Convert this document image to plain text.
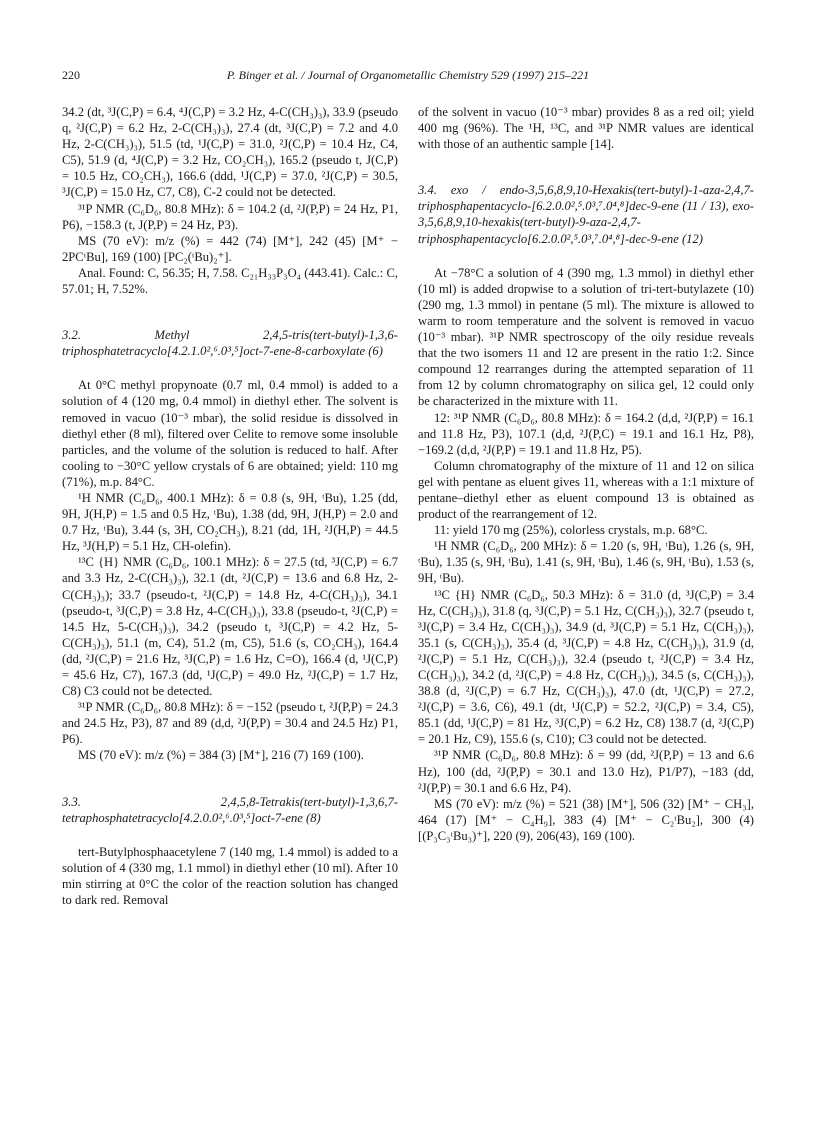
220	P. Binger et al. / Journal of Organometallic Chemistry 529 (1997) 215–221

34.2 (dt, ³J(C,P) = 6.4, ⁴J(C,P) = 3.2 Hz, 4-C(CH₃)₃), 33.9 (pseudo q, ²J(C,P) = 6.2 Hz, 2-C(CH₃)₃), 27.4 (dt, ³J(C,P) = 7.2 and 4.0 Hz, 2-C(CH₃)₃), 51.5 (td, ¹J(C,P) = 31.0, ²J(C,P) = 10.4 Hz, C4, C5), 51.9 (d, ⁴J(C,P) = 3.2 Hz, CO₂CH₃), 165.2 (pseudo t, J(C,P) = 10.5 Hz, CO₂CH₃), 166.6 (ddd, ¹J(C,P) = 37.0, ²J(C,P) = 30.5, ³J(C,P) = 15.0 Hz, C7, C8), C-2 could not be detected.

³¹P NMR (C₆D₆, 80.8 MHz): δ = 104.2 (d, ²J(P,P) = 24 Hz, P1, P6), −158.3 (t, J(P,P) = 24 Hz, P3).

MS (70 eV): m/z (%) = 442 (74) [M⁺], 242 (45) [M⁺ − 2PCᵗBu], 169 (100) [PC₂(ᵗBu)₂⁺].

Anal. Found: C, 56.35; H, 7.58. C₂₁H₃₃P₃O₄ (443.41). Calc.: C, 57.01; H, 7.52%.

3.2. Methyl 2,4,5-tris(tert-butyl)-1,3,6-triphosphatetracyclo[4.2.1.0²,⁶.0³,⁵]oct-7-ene-8-carboxylate (6)

At 0°C methyl propynoate (0.7 ml, 0.4 mmol) is added to a solution of 4 (120 mg, 0.4 mmol) in diethyl ether. The solvent is removed in vacuo (10⁻³ mbar), the solid residue is dissolved in diethyl ether (8 ml), filtered over Celite to remove some insoluble particles, and the volume of the solution is reduced to half. After cooling to −30°C yellow crystals of 6 are obtained; yield: 110 mg (71%), m.p. 84°C.

¹H NMR (C₆D₆, 400.1 MHz): δ = 0.8 (s, 9H, ᵗBu), 1.25 (dd, 9H, J(H,P) = 1.5 and 0.5 Hz, ᵗBu), 1.38 (dd, 9H, J(H,P) = 2.0 and 0.7 Hz, ᵗBu), 3.44 (s, 3H, CO₂CH₃), 8.21 (dd, 1H, ²J(H,P) = 44.5 Hz, ³J(H,P) = 5.1 Hz, CH-olefin).

¹³C {H} NMR (C₆D₆, 100.1 MHz): δ = 27.5 (td, ³J(C,P) = 6.7 and 3.3 Hz, 2-C(CH₃)₃), 32.1 (dt, ²J(C,P) = 13.6 and 6.8 Hz, 2-C(CH₃)₃); 33.7 (pseudo-t, ²J(C,P) = 14.8 Hz, 4-C(CH₃)₃), 34.1 (pseudo-t, ³J(C,P) = 3.8 Hz, 4-C(CH₃)₃), 33.8 (pseudo-t, ²J(C,P) = 14.5 Hz, 5-C(CH₃)₃), 34.2 (pseudo t, ³J(C,P) = 4.2 Hz, 5-C(CH₃)₃), 51.1 (m, C4), 51.2 (m, C5), 51.6 (s, CO₂CH₃), 164.4 (dd, ²J(C,P) = 21.6 Hz, ³J(C,P) = 1.6 Hz, C=O), 166.4 (d, ¹J(C,P) = 45.6 Hz, C7), 167.3 (dd, ¹J(C,P) = 49.0 Hz, ²J(C,P) = 1.7 Hz, C8) C3 could not be detected.

³¹P NMR (C₆D₆, 80.8 MHz): δ = −152 (pseudo t, ²J(P,P) = 24.3 and 24.5 Hz, P3), 87 and 89 (d,d, ²J(P,P) = 30.4 and 24.5 Hz) P1, P6).

MS (70 eV): m/z (%) = 384 (3) [M⁺], 216 (7) 169 (100).

3.3. 2,4,5,8-Tetrakis(tert-butyl)-1,3,6,7-tetraphosphatetracyclo[4.2.0.0²,⁶.0³,⁵]oct-7-ene (8)

tert-Butylphosphaacetylene 7 (140 mg, 1.4 mmol) is added to a solution of 4 (330 mg, 1.1 mmol) in diethyl ether (10 ml). After 10 min stirring at 0°C the color of the reaction solution has changed to dark red. Removal

of the solvent in vacuo (10⁻³ mbar) provides 8 as a red oil; yield 400 mg (96%). The ¹H, ¹³C, and ³¹P NMR values are identical with those of an authentic sample [14].

3.4. exo / endo-3,5,6,8,9,10-Hexakis(tert-butyl)-1-aza-2,4,7-triphosphapentacyclo-[6.2.0.0²,⁵.0³,⁷.0⁴,⁸]dec-9-ene (11 / 13), exo-3,5,6,8,9,10-hexakis(tert-butyl)-9-aza-2,4,7-triphosphapentacyclo[6.2.0.0²,⁵.0³,⁷.0⁴,⁸]-dec-9-ene (12)

At −78°C a solution of 4 (390 mg, 1.3 mmol) in diethyl ether (10 ml) is added dropwise to a solution of tri-tert-butylazete (10) (290 mg, 1.3 mmol) in pentane (5 ml). The mixture is allowed to warm to room temperature and the solvent is removed in vacuo (10⁻³ mbar). ³¹P NMR spectroscopy of the oily residue reveals that the two isomers 11 and 12 are present in the ratio 1:2. Since compound 12 rearranges during the attempted separation of 11 from 12 by column chromatography on silica gel, 12 could only be characterized in the mixture with 11.

12: ³¹P NMR (C₆D₆, 80.8 MHz): δ = 164.2 (d,d, ²J(P,P) = 16.1 and 11.8 Hz, P3), 107.1 (d,d, ²J(P,C) = 19.1 and 16.1 Hz, P8), −169.2 (d,d, ²J(P,P) = 19.1 and 11.8 Hz, P5).

Column chromatography of the mixture of 11 and 12 on silica gel with pentane as eluent gives 11, whereas with a 1:1 mixture of pentane–diethyl ether as eluent compound 13 is obtained as product of the rearrangement of 12.

11: yield 170 mg (25%), colorless crystals, m.p. 68°C.

¹H NMR (C₆D₆, 200 MHz): δ = 1.20 (s, 9H, ᵗBu), 1.26 (s, 9H, ᵗBu), 1.35 (s, 9H, ᵗBu), 1.41 (s, 9H, ᵗBu), 1.46 (s, 9H, ᵗBu), 1.53 (s, 9H, ᵗBu).

¹³C {H} NMR (C₆D₆, 50.3 MHz): δ = 31.0 (d, ³J(C,P) = 3.4 Hz, C(CH₃)₃), 31.8 (q, ³J(C,P) = 5.1 Hz, C(CH₃)₃), 32.7 (pseudo t, ³J(C,P) = 3.4 Hz, C(CH₃)₃), 34.9 (d, ³J(C,P) = 5.1 Hz, C(CH₃)₃), 35.1 (s, C(CH₃)₃), 35.4 (d, ³J(C,P) = 4.8 Hz, C(CH₃)₃), 31.9 (d, ²J(C,P) = 5.1 Hz, C(CH₃)₃), 32.4 (pseudo t, ²J(C,P) = 3.4 Hz, C(CH₃)₃), 34.2 (d, ²J(C,P) = 4.8 Hz, C(CH₃)₃), 34.5 (s, C(CH₃)₃), 38.8 (d, ²J(C,P) = 6.7 Hz, C(CH₃)₃), 47.0 (dt, ¹J(C,P) = 27.2, ²J(C,P) = 3.6, C6), 49.1 (dt, ¹J(C,P) = 52.2, ²J(C,P) = 3.4, C5), 85.1 (dd, ¹J(C,P) = 81 Hz, ³J(C,P) = 6.2 Hz, C8) 138.7 (d, ²J(C,P) = 20.1 Hz, C9), 155.6 (s, C10); C3 could not be detected.

³¹P NMR (C₆D₆, 80.8 MHz): δ = 99 (dd, ²J(P,P) = 13 and 6.6 Hz), 100 (dd, ²J(P,P) = 30.1 and 13.0 Hz), P1/P7), −183 (dd, ²J(P,P) = 30.1 and 6.6 Hz, P4).

MS (70 eV): m/z (%) = 521 (38) [M⁺], 506 (32) [M⁺ − CH₃], 464 (17) [M⁺ − C₄H₉], 383 (4) [M⁺ − C₂ᵗBu₂], 300 (4) [(P₃C₃ᵗBu₃)⁺], 220 (9), 206(43), 169 (100).
